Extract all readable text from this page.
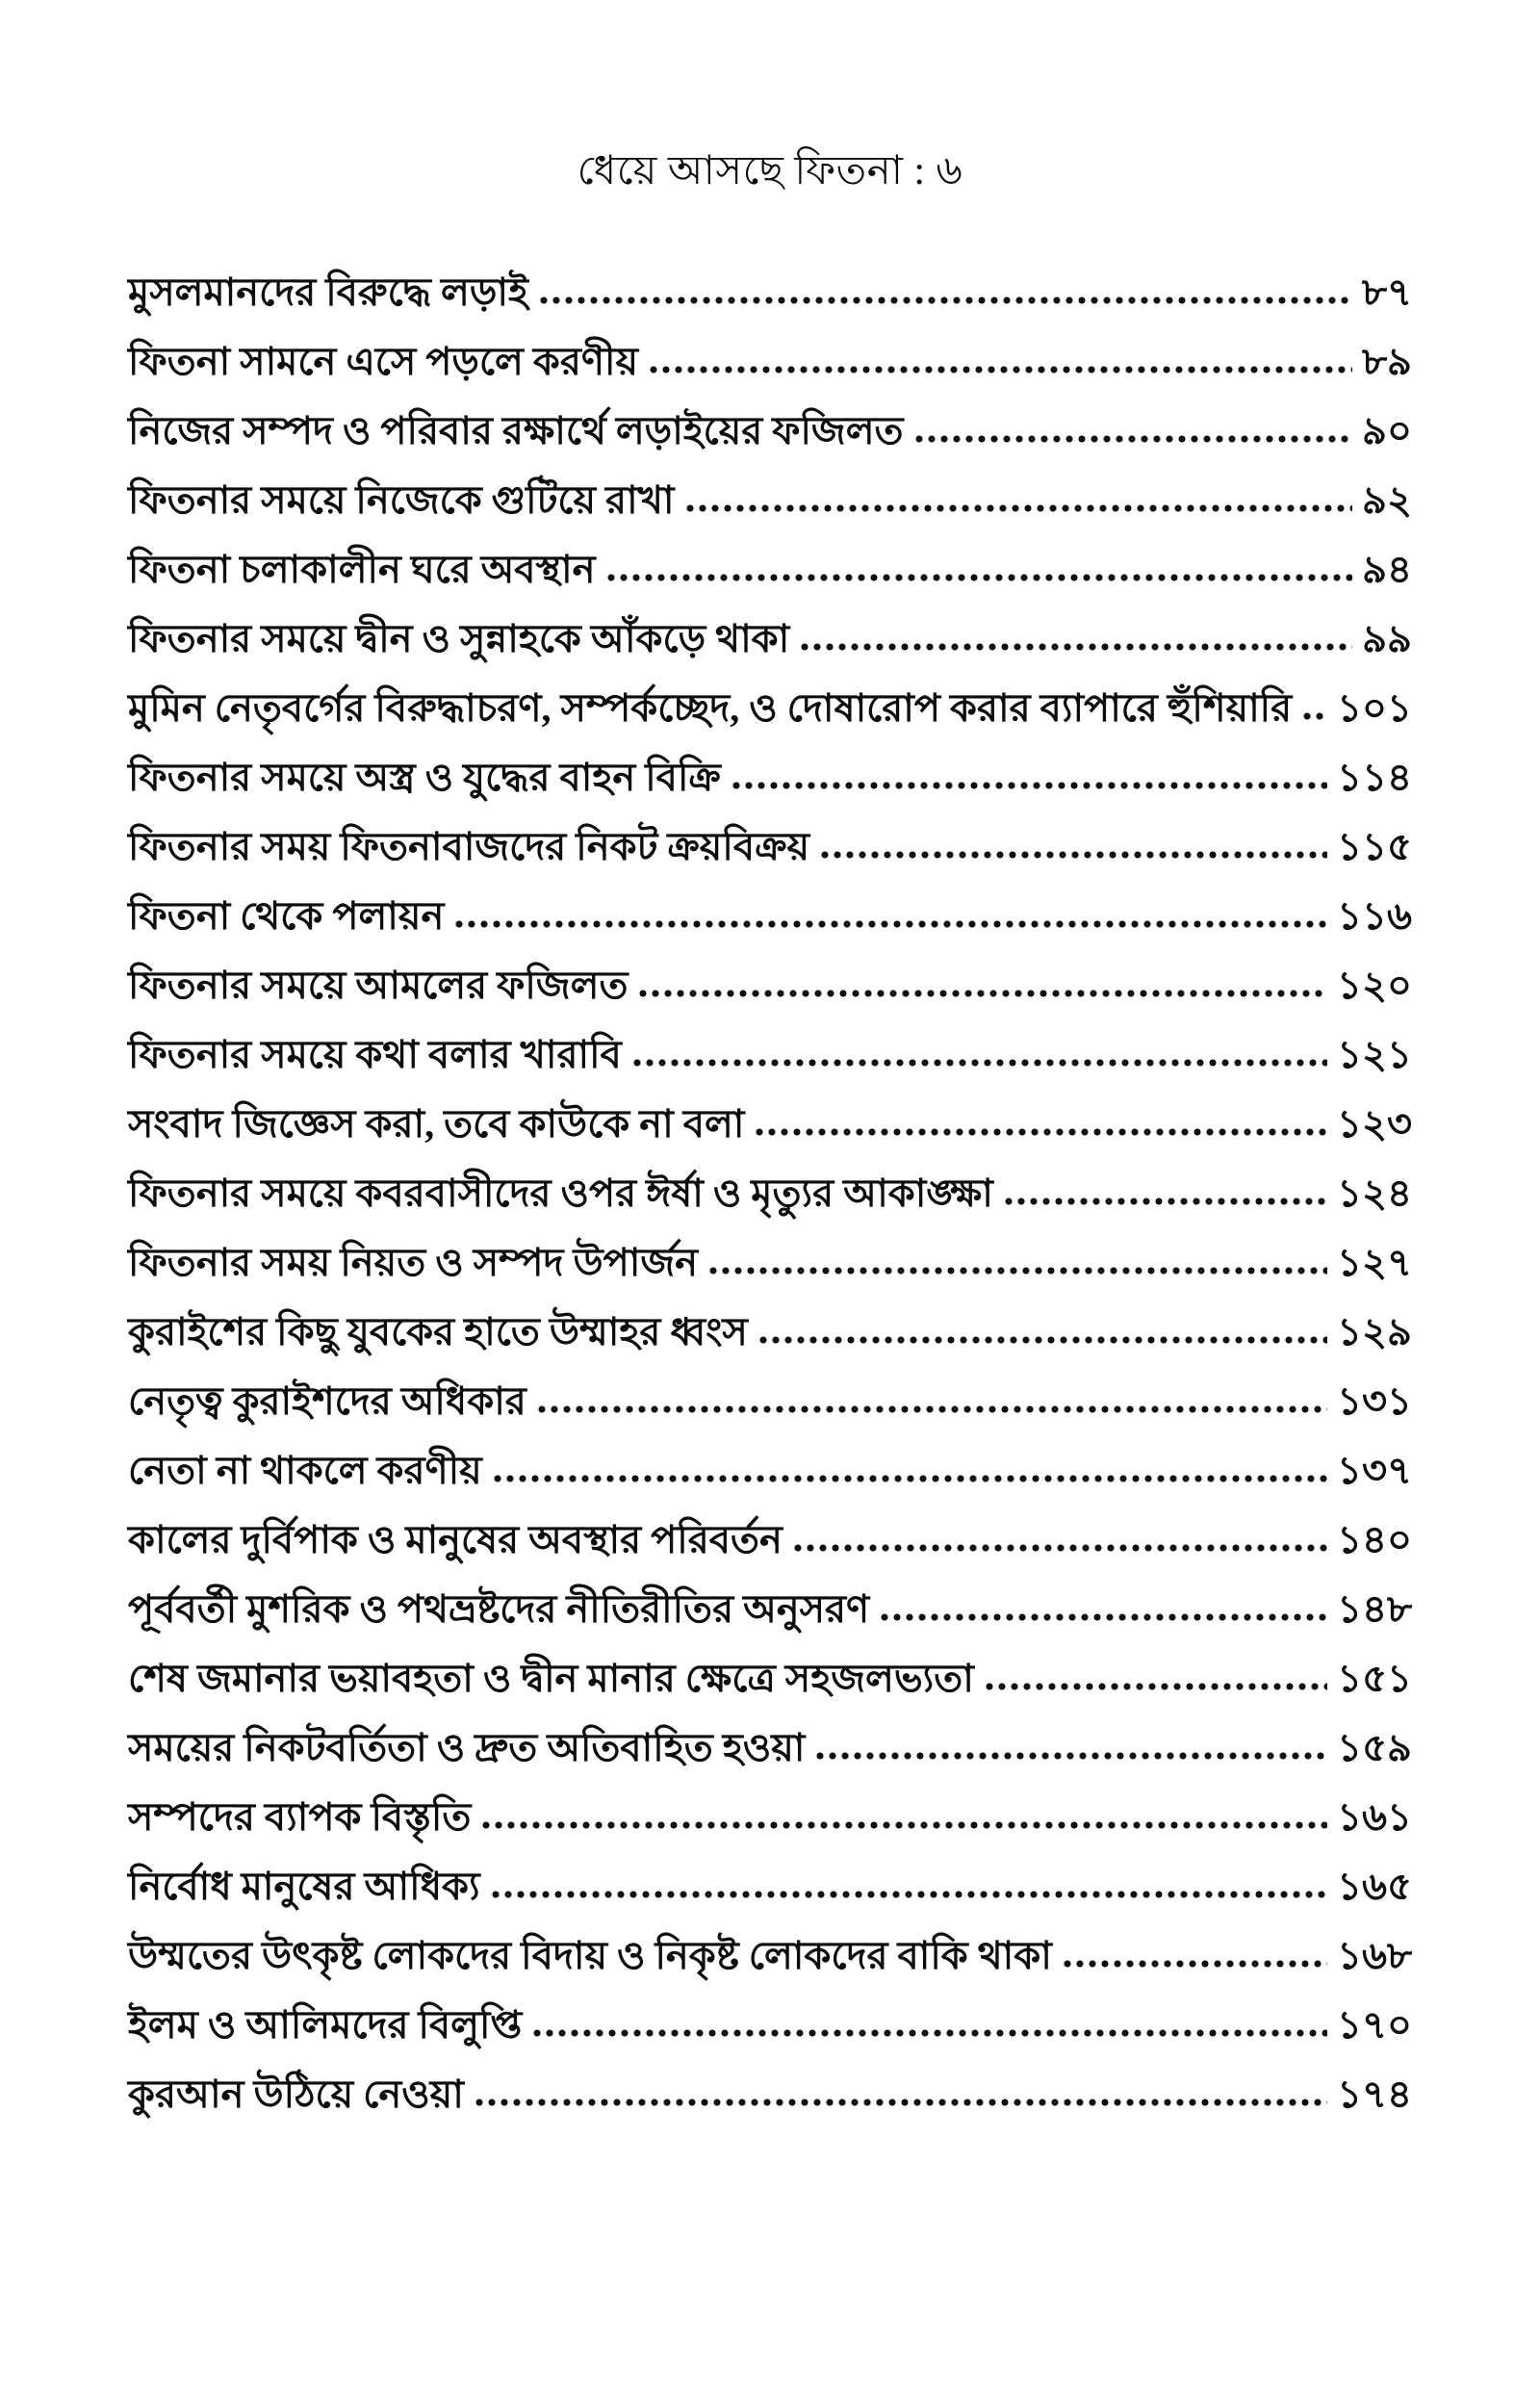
ধেয়ে আসছে ফিতনা : ৬
মুসলমানদের বিরুদ্ধে লড়াই	৮৭
ফিতনা সামনে এসে পড়লে করণীয়	৮৯
নিজের সম্পদ ও পরিবার রক্ষার্থে লড়াইয়ের ফজিলত	৯০
ফিতনার সময়ে নিজেকে গুটিয়ে রাখা	৯২
ফিতনা চলাকালীন ঘরে অবস্থান	৯৪
ফিতনার সময়ে দ্বীন ও সুন্নাহকে আঁকড়ে থাকা	৯৯
মুমিন নেতৃবর্গের বিরুদ্ধাচরণ, সম্পর্কচ্ছেদ, ও দোষারোপ করার ব্যাপারে হুঁশিয়ারি ১০১
ফিতনার সময়ে অস্ত্র ও যুদ্ধের বাহন বিক্রি	১১৪
ফিতনার সময় ফিতনাবাজদের নিকট ক্রয়বিক্রয়	১১৫
ফিতনা থেকে পলায়ন	১১৬
ফিতনার সময়ে আমলের ফজিলত	১২০
ফিতনার সময়ে কথা বলার খারাবি	১২১
সংবাদ জিজ্ঞেস করা, তবে কাউকে না বলা	১২৩
ফিতনার সময়ে কবরবাসীদের ওপর ঈর্ষা ও মৃত্যুর আকাঙ্ক্ষা	১২৪
ফিতনার সময় নিয়ত ও সম্পদ উপার্জন	১২৭
কুরাইশের কিছু যুবকের হাতে উম্মাহর ধ্বংস	১২৯
নেতৃত্ব কুরাইশদের অধিকার	১৩১
নেতা না থাকলে করণীয়	১৩৭
কালের দুর্বিপাক ও মানুষের অবস্থার পরিবর্তন	১৪০
পূর্ববর্তী মুশরিক ও পথভ্রষ্টদের নীতিরীতির অনুসরণ	১৪৮
শেষ জমানার ভয়াবহতা ও দ্বীন মানার ক্ষেত্রে সহজলভ্যতা	১৫১
সময়ের নিকটবর্তিতা ও দ্রুত অতিবাহিত হওয়া	১৫৯
সম্পদের ব্যাপক বিস্তৃতি	১৬১
নির্বোধ মানুষের আধিক্য	১৬৫
উম্মতের উৎকৃষ্ট লোকদের বিদায় ও নিকৃষ্ট লোকদের বাকি থাকা	১৬৮
ইলম ও আলিমদের বিলুপ্তি	১৭০
কুরআন উঠিয়ে নেওয়া	১৭৪
